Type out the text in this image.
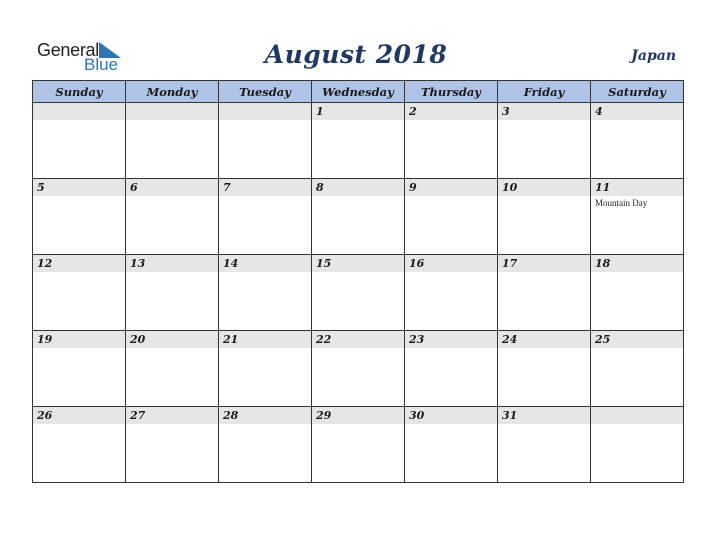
General
Blue	August 2018	Japan
Sunday	Monday	Tuesday	Wednesday	Thursday	Friday	Saturday

			1	2	3	4

5	6	7	8	9	10	11
Mountain Day

12	13	14	15	16	17	18

19	20	21	22	23	24	25

26	27	28	29	30	31	
